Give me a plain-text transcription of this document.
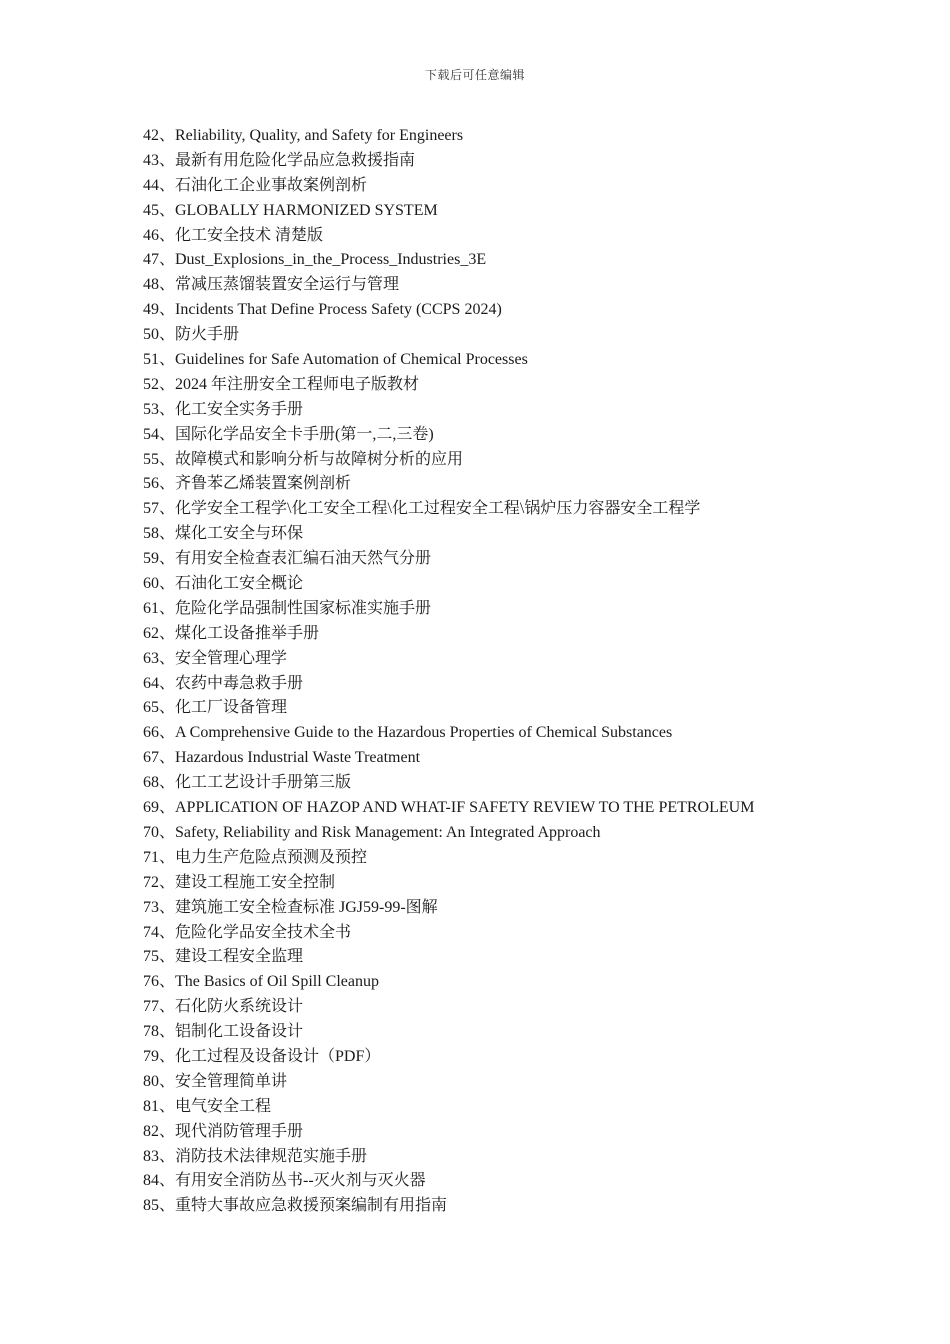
下载后可任意编辑
42、Reliability, Quality, and Safety for Engineers
43、最新有用危险化学品应急救援指南
44、石油化工企业事故案例剖析
45、GLOBALLY HARMONIZED SYSTEM
46、化工安全技术 清楚版
47、Dust_Explosions_in_the_Process_Industries_3E
48、常减压蒸馏装置安全运行与管理
49、Incidents That Define Process Safety (CCPS 2024)
50、防火手册
51、Guidelines for Safe Automation of Chemical Processes
52、2024 年注册安全工程师电子版教材
53、化工安全实务手册
54、国际化学品安全卡手册(第一,二,三卷)
55、故障模式和影响分析与故障树分析的应用
56、齐鲁苯乙烯装置案例剖析
57、化学安全工程学\化工安全工程\化工过程安全工程\锅炉压力容器安全工程学
58、煤化工安全与环保
59、有用安全检查表汇编石油天然气分册
60、石油化工安全概论
61、危险化学品强制性国家标准实施手册
62、煤化工设备推举手册
63、安全管理心理学
64、农药中毒急救手册
65、化工厂设备管理
66、A Comprehensive Guide to the Hazardous Properties of Chemical Substances
67、Hazardous Industrial Waste Treatment
68、化工工艺设计手册第三版
69、APPLICATION OF HAZOP AND WHAT-IF SAFETY REVIEW TO THE PETROLEUM
70、Safety, Reliability and Risk Management: An Integrated Approach
71、电力生产危险点预测及预控
72、建设工程施工安全控制
73、建筑施工安全检查标准 JGJ59-99-图解
74、危险化学品安全技术全书
75、建设工程安全监理
76、The Basics of Oil Spill Cleanup
77、石化防火系统设计
78、铝制化工设备设计
79、化工过程及设备设计（PDF）
80、安全管理简单讲
81、电气安全工程
82、现代消防管理手册
83、消防技术法律规范实施手册
84、有用安全消防丛书--灭火剂与灭火器
85、重特大事故应急救援预案编制有用指南
